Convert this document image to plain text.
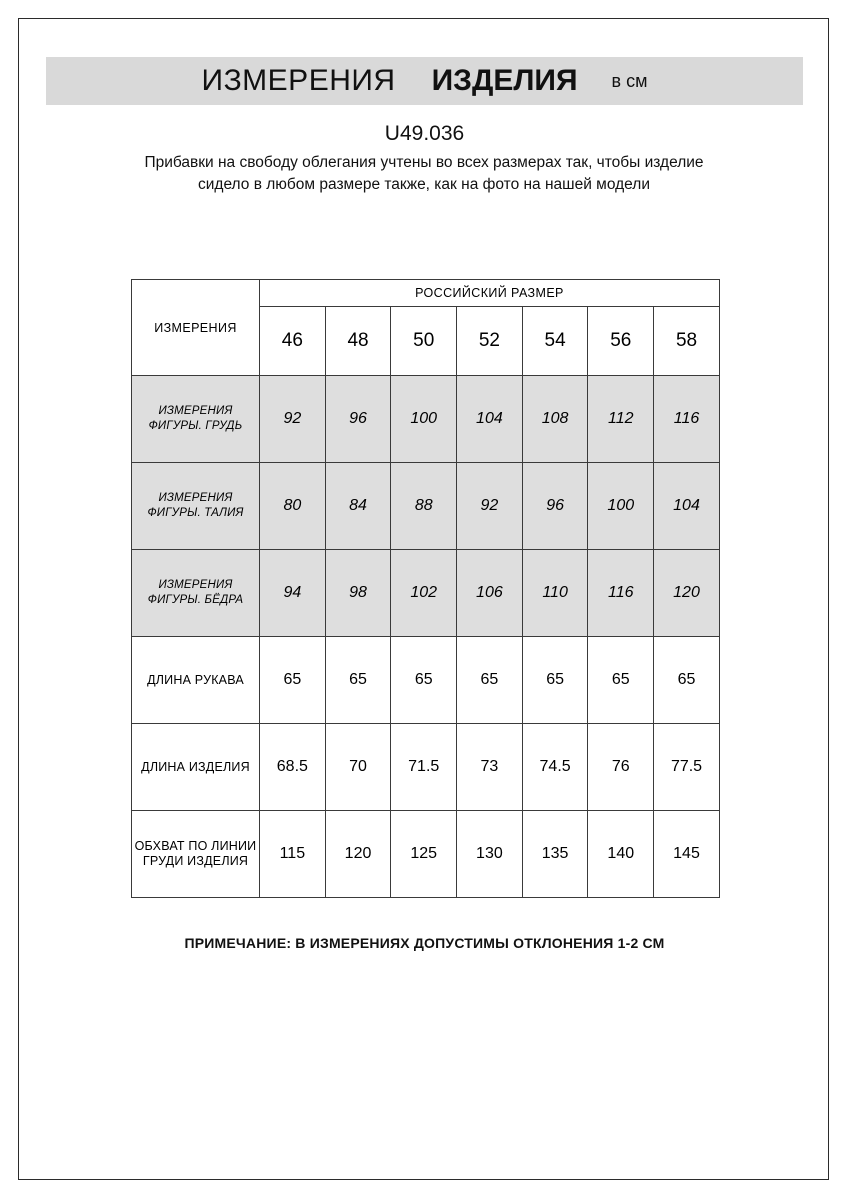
ИЗМЕРЕНИЯ ИЗДЕЛИЯ в см
U49.036
Прибавки на свободу облегания учтены во всех размерах так, чтобы изделие сидело в любом размере также, как на фото на нашей модели
ИЗМЕРЕНИЯ	РОССИЙСКИЙ РАЗМЕР						
	46	48	50	52	54	56	58
ИЗМЕРЕНИЯ ФИГУРЫ. ГРУДЬ	92	96	100	104	108	112	116
ИЗМЕРЕНИЯ ФИГУРЫ. ТАЛИЯ	80	84	88	92	96	100	104
ИЗМЕРЕНИЯ ФИГУРЫ. БЁДРА	94	98	102	106	110	116	120
ДЛИНА РУКАВА	65	65	65	65	65	65	65
ДЛИНА ИЗДЕЛИЯ	68.5	70	71.5	73	74.5	76	77.5
ОБХВАТ ПО ЛИНИИ ГРУДИ ИЗДЕЛИЯ	115	120	125	130	135	140	145
ПРИМЕЧАНИЕ: В ИЗМЕРЕНИЯХ ДОПУСТИМЫ ОТКЛОНЕНИЯ 1-2 СМ
